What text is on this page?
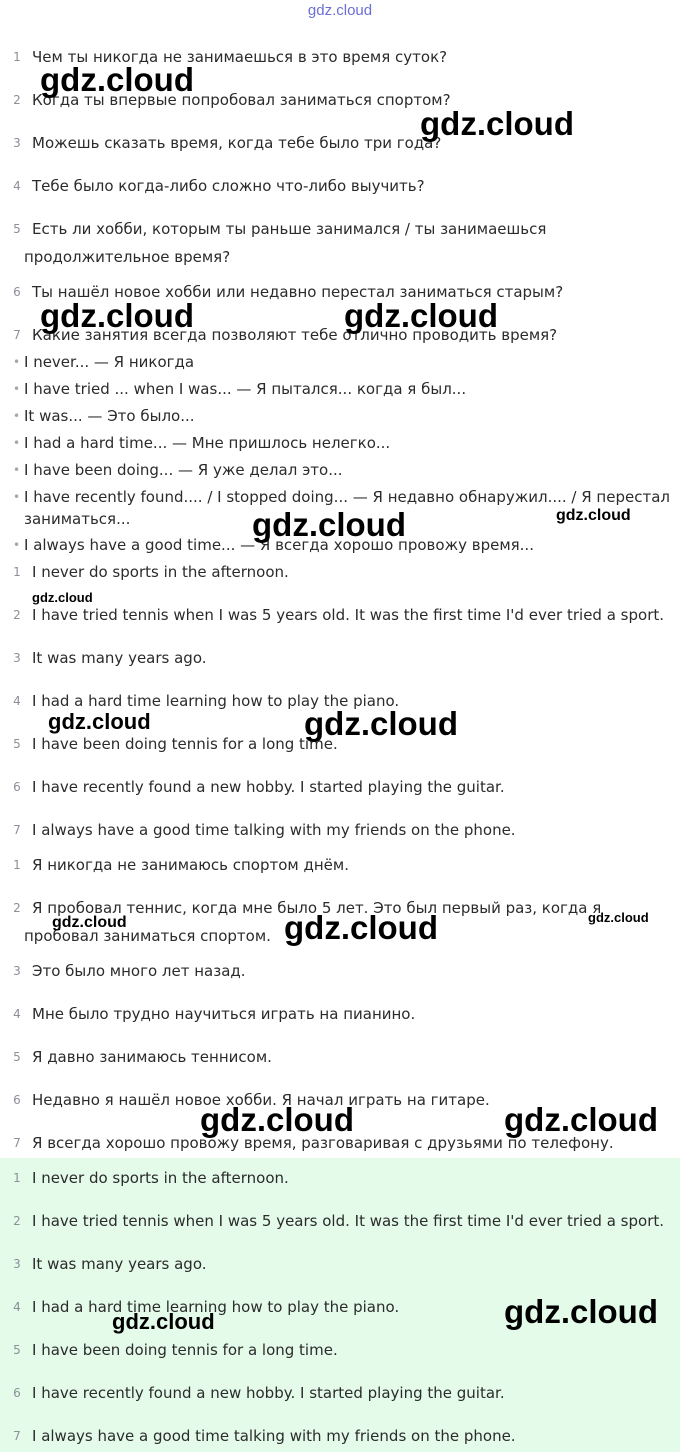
gdz.cloud
1 Чем ты никогда не занимаешься в это время суток?
2 Когда ты впервые попробовал заниматься спортом?
3 Можешь сказать время, когда тебе было три года?
4 Тебе было когда-либо сложно что-либо выучить?
5 Есть ли хобби, которым ты раньше занимался / ты занимаешься продолжительное время?
6 Ты нашёл новое хобби или недавно перестал заниматься старым?
7 Какие занятия всегда позволяют тебе отлично проводить время?
• I never... — Я никогда
• I have tried ... when I was... — Я пытался... когда я был...
• It was... — Это было...
• I had a hard time... — Мне пришлось нелегко...
• I have been doing... — Я уже делал это...
• I have recently found.... / I stopped doing... — Я недавно обнаружил.... / Я перестал заниматься...
• I always have a good time... — Я всегда хорошо провожу время...
1 I never do sports in the afternoon.
2 I have tried tennis when I was 5 years old. It was the first time I'd ever tried a sport.
3 It was many years ago.
4 I had a hard time learning how to play the piano.
5 I have been doing tennis for a long time.
6 I have recently found a new hobby. I started playing the guitar.
7 I always have a good time talking with my friends on the phone.
1 Я никогда не занимаюсь спортом днём.
2 Я пробовал теннис, когда мне было 5 лет. Это был первый раз, когда я пробовал заниматься спортом.
3 Это было много лет назад.
4 Мне было трудно научиться играть на пианино.
5 Я давно занимаюсь теннисом.
6 Недавно я нашёл новое хобби. Я начал играть на гитаре.
7 Я всегда хорошо провожу время, разговаривая с друзьями по телефону.
1 I never do sports in the afternoon.
2 I have tried tennis when I was 5 years old. It was the first time I'd ever tried a sport.
3 It was many years ago.
4 I had a hard time learning how to play the piano.
5 I have been doing tennis for a long time.
6 I have recently found a new hobby. I started playing the guitar.
7 I always have a good time talking with my friends on the phone.
gdz.cloud
gdz.cloud
gdz.cloud	gdz.cloud
gdz.cloud	gdz.cloud
gdz.cloud
gdz.cloud	gdz.cloud
gdz.cloud	gdz.cloud	gdz.cloud
gdz.cloud	gdz.cloud
gdz.cloud
gdz.cloud
